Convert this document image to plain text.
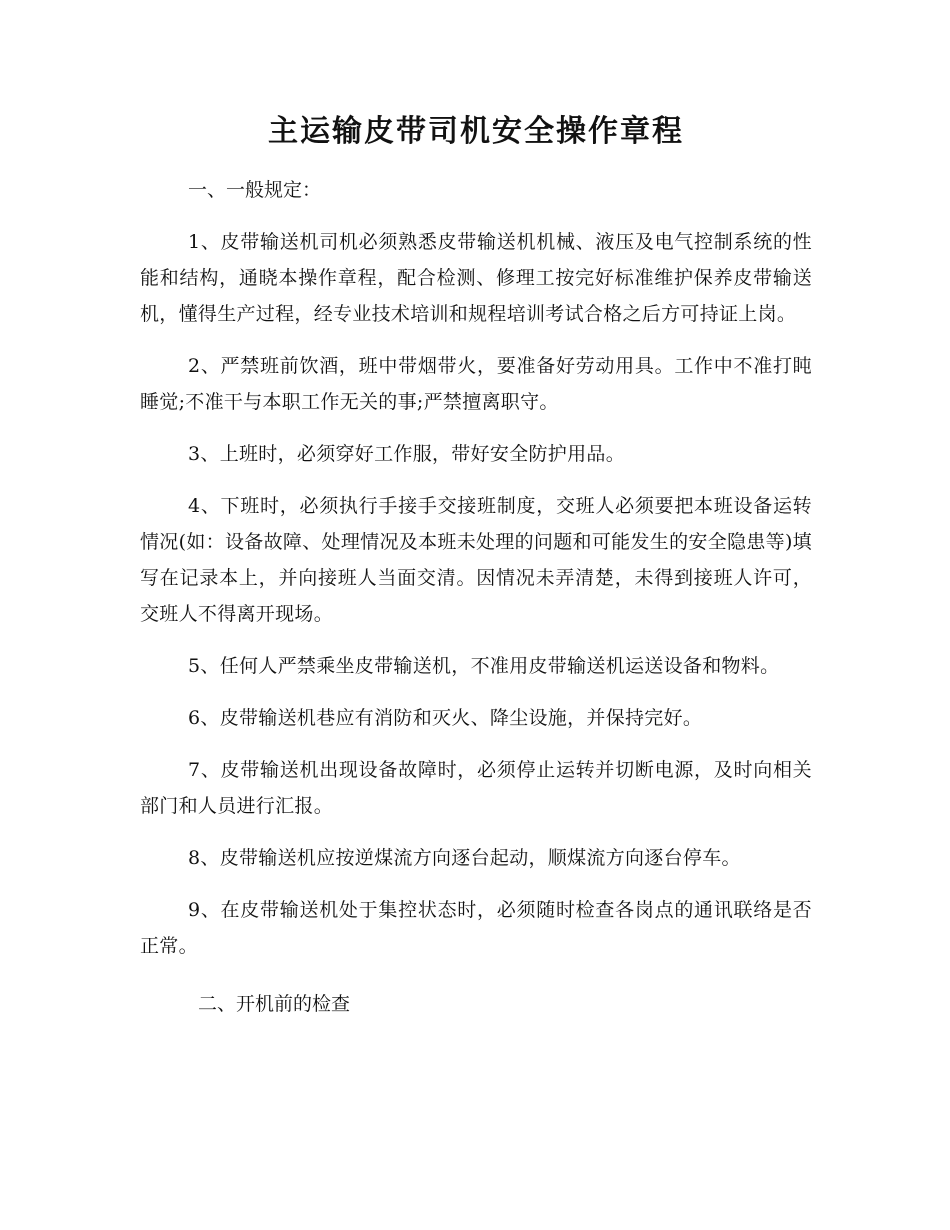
主运输皮带司机安全操作章程

一、一般规定：

1、皮带输送机司机必须熟悉皮带输送机机械、液压及电气控制系统的性能和结构，通晓本操作章程，配合检测、修理工按完好标准维护保养皮带输送机，懂得生产过程，经专业技术培训和规程培训考试合格之后方可持证上岗。

2、严禁班前饮酒，班中带烟带火，要准备好劳动用具。工作中不准打盹睡觉;不准干与本职工作无关的事;严禁擅离职守。

3、上班时，必须穿好工作服，带好安全防护用品。

4、下班时，必须执行手接手交接班制度，交班人必须要把本班设备运转情况(如：设备故障、处理情况及本班未处理的问题和可能发生的安全隐患等)填写在记录本上，并向接班人当面交清。因情况未弄清楚，未得到接班人许可，交班人不得离开现场。

5、任何人严禁乘坐皮带输送机，不准用皮带输送机运送设备和物料。

6、皮带输送机巷应有消防和灭火、降尘设施，并保持完好。

7、皮带输送机出现设备故障时，必须停止运转并切断电源，及时向相关部门和人员进行汇报。

8、皮带输送机应按逆煤流方向逐台起动，顺煤流方向逐台停车。

9、在皮带输送机处于集控状态时，必须随时检查各岗点的通讯联络是否正常。

二、开机前的检查
